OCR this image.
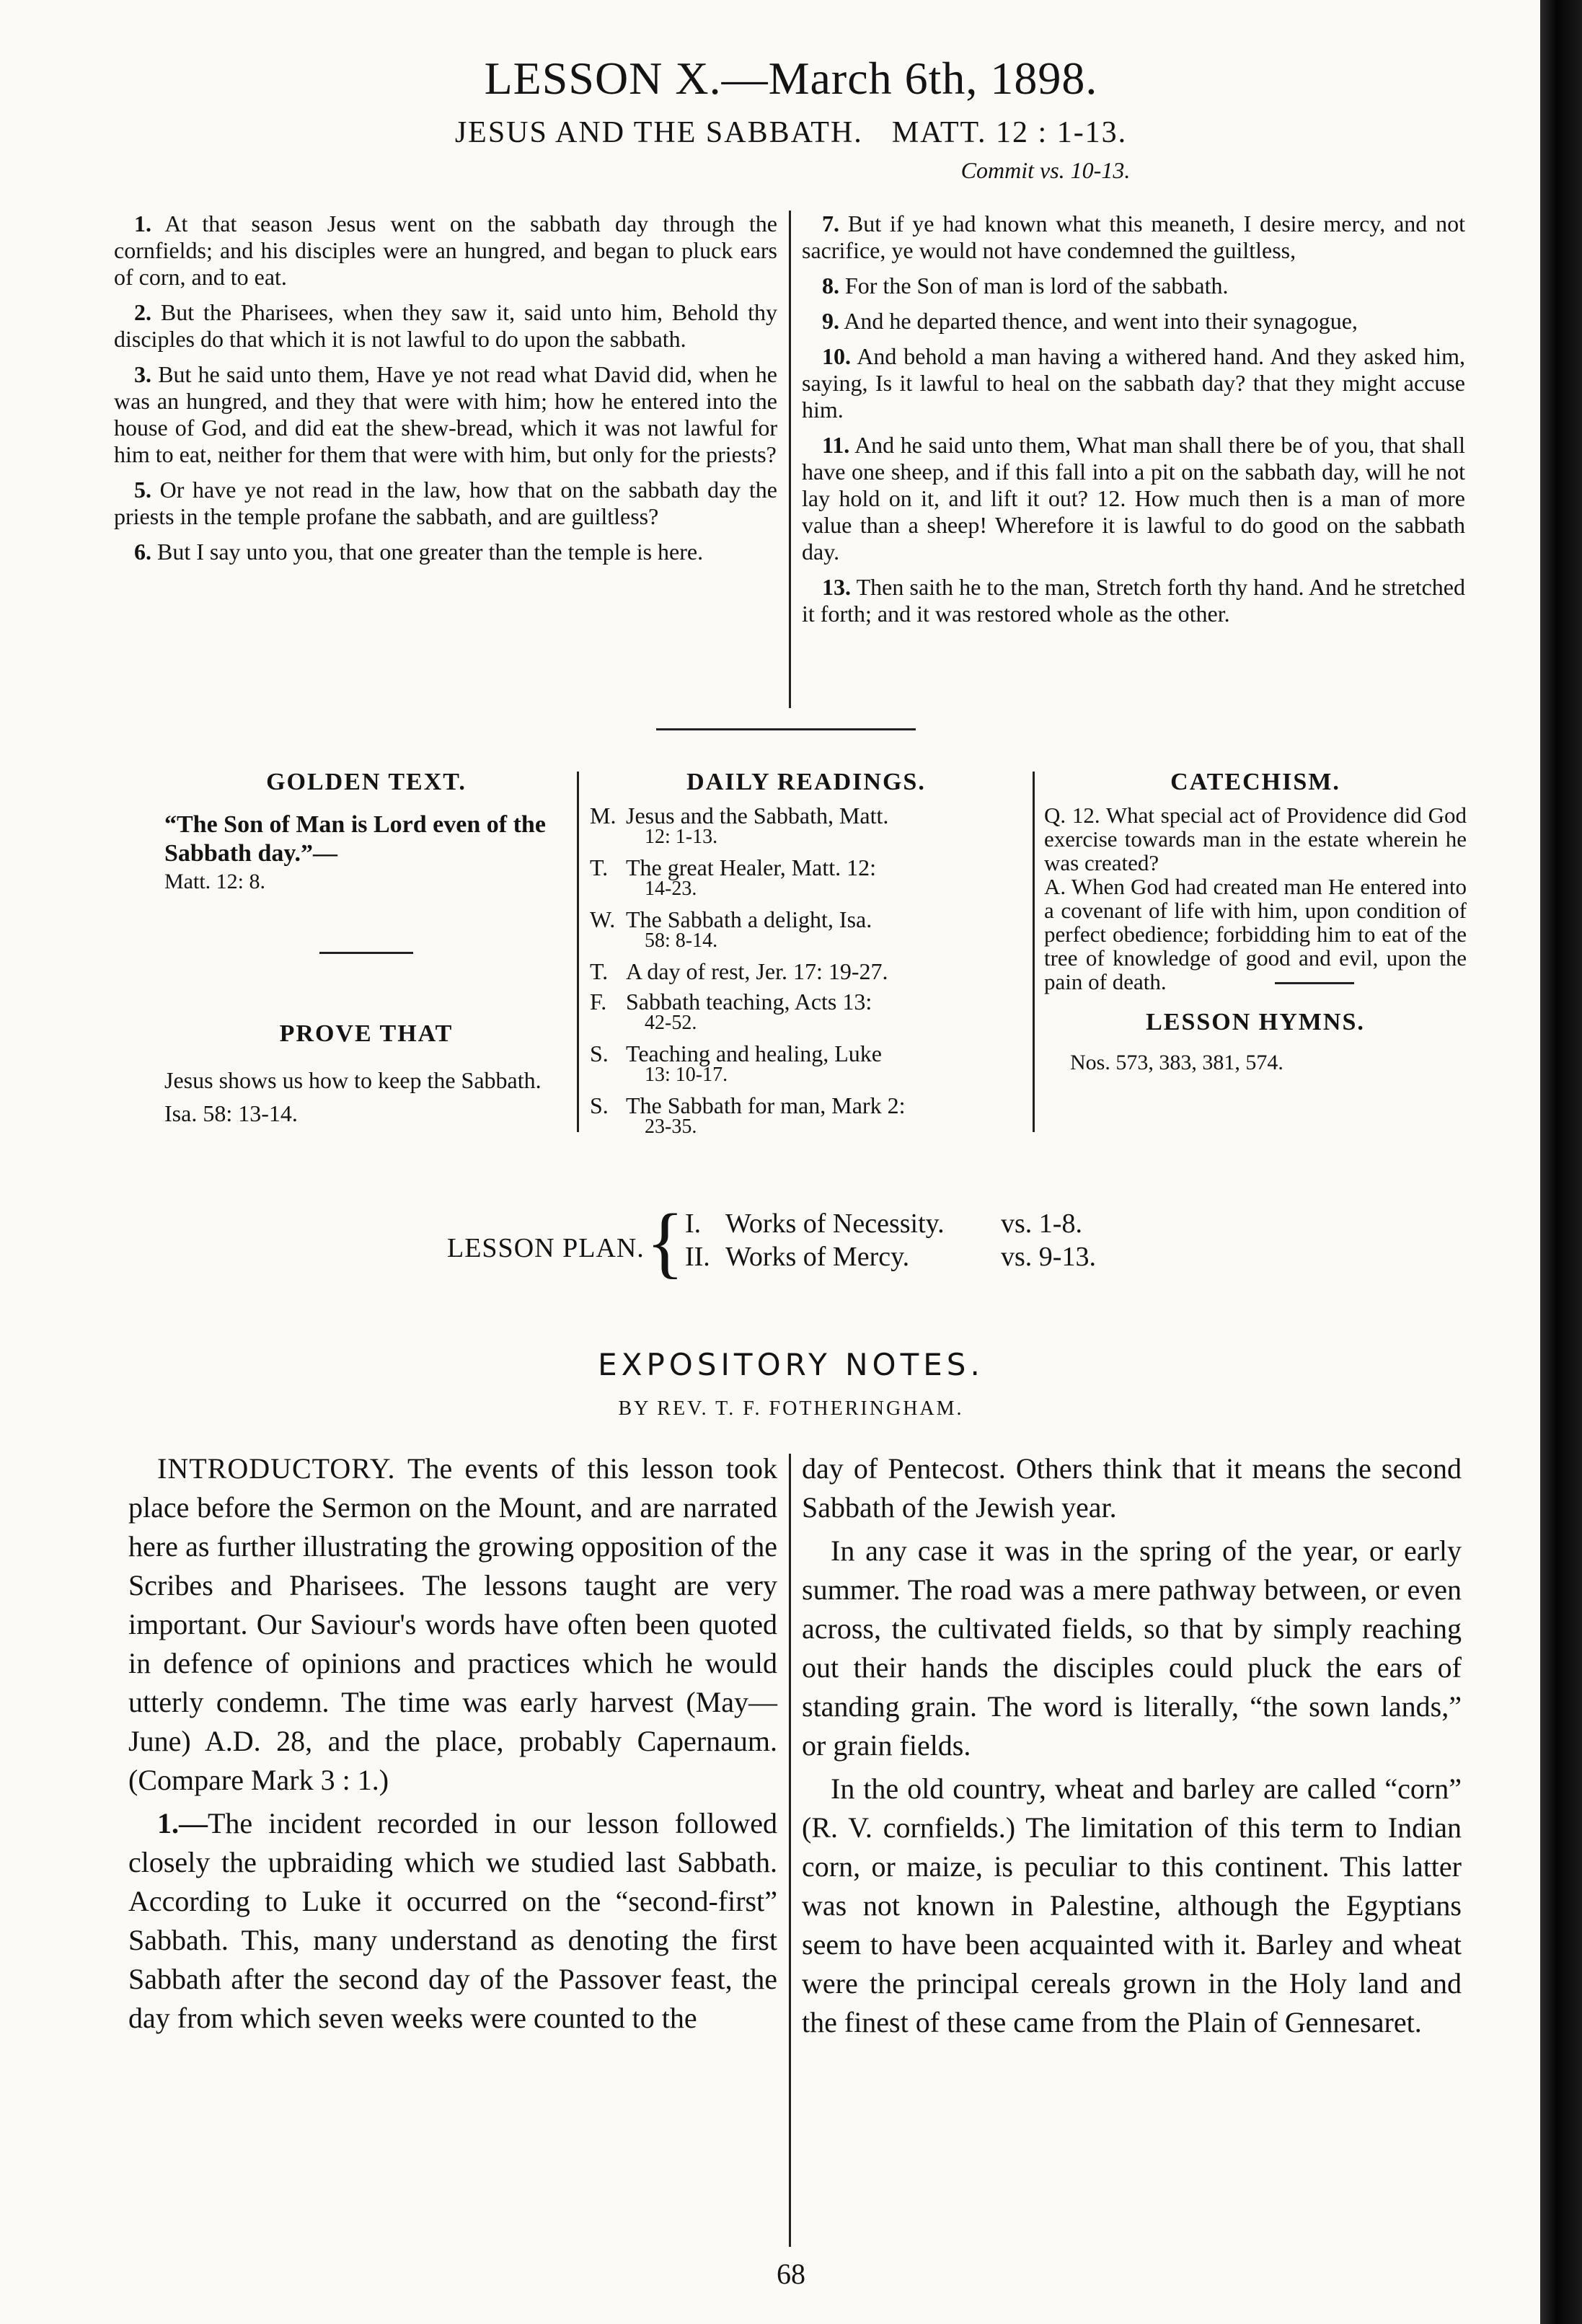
LESSON X.—March 6th, 1898.
JESUS AND THE SABBATH. MATT. 12 : 1-13.
Commit vs. 10-13.

1. At that season Jesus went on the sabbath day through the cornfields; and his disciples were an hungred, and began to pluck ears of corn, and to eat.

2. But the Pharisees, when they saw it, said unto him, Behold thy disciples do that which it is not lawful to do upon the sabbath.

3. But he said unto them, Have ye not read what David did, when he was an hungred, and they that were with him; how he entered into the house of God, and did eat the shew-bread, which it was not lawful for him to eat, neither for them that were with him, but only for the priests?

5. Or have ye not read in the law, how that on the sabbath day the priests in the temple profane the sabbath, and are guiltless?

6. But I say unto you, that one greater than the temple is here.

7. But if ye had known what this meaneth, I desire mercy, and not sacrifice, ye would not have condemned the guiltless,

8. For the Son of man is lord of the sabbath.

9. And he departed thence, and went into their synagogue,

10. And behold a man having a withered hand. And they asked him, saying, Is it lawful to heal on the sabbath day? that they might accuse him.

11. And he said unto them, What man shall there be of you, that shall have one sheep, and if this fall into a pit on the sabbath day, will he not lay hold on it, and lift it out? 12. How much then is a man of more value than a sheep! Wherefore it is lawful to do good on the sabbath day.

13. Then saith he to the man, Stretch forth thy hand. And he stretched it forth; and it was restored whole as the other.

GOLDEN TEXT.
“The Son of Man is Lord even of the Sabbath day.”—
Matt. 12: 8.
PROVE THAT
Jesus shows us how to keep the Sabbath. Isa. 58: 13-14.
DAILY READINGS.
M. Jesus and the Sabbath, Matt.
12: 1-13.
T. The great Healer, Matt. 12:
14-23.
W. The Sabbath a delight, Isa.
58: 8-14.
T. A day of rest, Jer. 17: 19-27.
F. Sabbath teaching, Acts 13:
42-52.
S. Teaching and healing, Luke
13: 10-17.
S. The Sabbath for man, Mark 2:
23-35.
CATECHISM.
Q. 12. What special act of Providence did God exercise towards man in the estate wherein he was created?
A. When God had created man He entered into a covenant of life with him, upon condition of perfect obedience; forbidding him to eat of the tree of knowledge of good and evil, upon the pain of death.
LESSON HYMNS.
Nos. 573, 383, 381, 574.
LESSON PLAN. { I. Works of Necessity. vs. 1-8.
II. Works of Mercy.	vs. 9-13.
EXPOSITORY NOTES.
BY REV. T. F. FOTHERINGHAM.

INTRODUCTORY. The events of this lesson took place before the Sermon on the Mount, and are narrated here as further illustrating the growing opposition of the Scribes and Pharisees. The lessons taught are very important. Our Saviour's words have often been quoted in defence of opinions and practices which he would utterly condemn. The time was early harvest (May—June) A.D. 28, and the place, probably Capernaum. (Compare Mark 3 : 1.)

1.—The incident recorded in our lesson followed closely the upbraiding which we studied last Sabbath. According to Luke it occurred on the “second-first” Sabbath. This, many understand as denoting the first Sabbath after the second day of the Passover feast, the day from which seven weeks were counted to the

day of Pentecost. Others think that it means the second Sabbath of the Jewish year.

In any case it was in the spring of the year, or early summer. The road was a mere pathway between, or even across, the cultivated fields, so that by simply reaching out their hands the disciples could pluck the ears of standing grain. The word is literally, “the sown lands,” or grain fields.

In the old country, wheat and barley are called “corn” (R. V. cornfields.) The limitation of this term to Indian corn, or maize, is peculiar to this continent. This latter was not known in Palestine, although the Egyptians seem to have been acquainted with it. Barley and wheat were the principal cereals grown in the Holy land and the finest of these came from the Plain of Gennesaret.

68
